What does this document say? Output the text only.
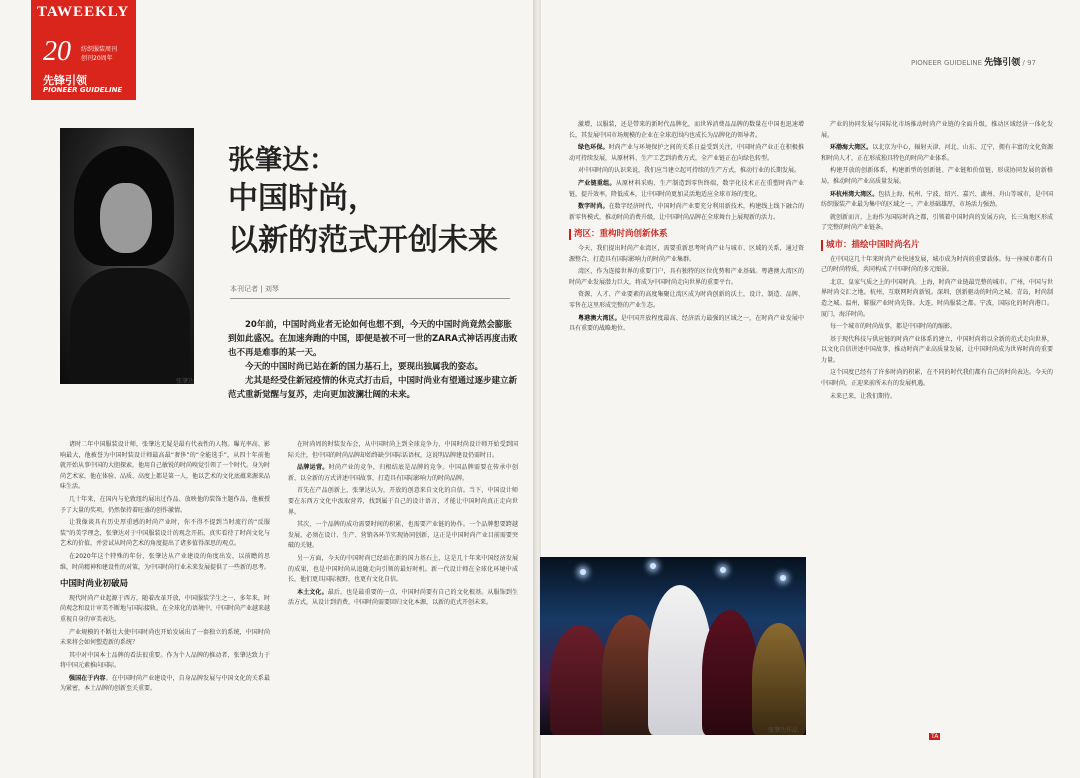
TAWEEKLY
20 纺织服装周刊
创刊20周年
先锋引领
PIONEER GUIDELINE
张肇达
张肇达：
中国时尚，
以新的范式开创未来
本刊记者 | 刘琴

20年前，中国时尚业者无论如何也想不到，今天的中国时尚竟然会膨胀到如此盛况。在加速奔跑的中国，即便是被不可一世的ZARA式神话再度击败也不再是难事的某一天。

今天的中国时尚已站在新的国力基石上，要现出独属我的姿态。

尤其是经受住新冠疫情的休克式打击后，中国时尚业有望通过逐步建立新范式重新觉醒与复苏，走向更加波澜壮阔的未来。

诸时二年中国服装设计师，张肇达无疑是最有代表性的人物。曝光率高、影响最大，他被誉为中国时装设计师最高最“奢侈”的“全能选手”，从四十年前他就开始从事中国的大胆探索，他用自己敏锐的时尚嗅觉引领了一个时代。身为时尚艺术家，他在体验、品质、高度上都是第一人，他以艺术的文化底蕴来源来品味生活。

几十年来，在国内与伦敦纽约展出过作品、放映他的装饰主题作品，他被授予了大量的奖项，仍然保持着旺盛的创作激情。

让我像谈具有历史厚重感的时尚产业时，你不得不提到当时流行的“反服装”的美学理念，张肇达对于中国服装设计的观念开拓，真实看待了时尚文化与艺术的价值，并尝试从时尚艺术的角度提出了诸多值得深思的观点。

在2020年这个特殊的年份，张肇达从产业建设的角度出发，以前瞻的思维，时尚精神和建设性的对策，为中国时尚行业未来发展提供了一些新的思考。

中国时尚业初破局

现代时尚产业起源于西方，随着改革开放，中国服装学生之一，多年来，时尚观念和设计审美不断地与国际接轨。在全球化的语境中，中国时尚产业越来越重视自身的审美表达。

产业规模的不断壮大使中国时尚也开始发展出了一套独立的系统，中国时尚未来将会如何塑造新的系统？

其中对中国本土品牌的看法很重要。作为个人品牌的推动者，张肇达致力于将中国元素推向国际。

强国在于内容。在中国时尚产业建设中，自身品牌发展与中国文化的关系最为紧密，本土品牌的创新至关重要。

在时尚周的时装发布会，从中国时尚上到全球竞争力，中国时尚设计师开始受到国际关注，但中国的时尚品牌却始终缺少国际话语权，这说明品牌建设仍需时日。

品牌运营。时尚产业的竞争，归根结底是品牌的竞争。中国品牌需要在传承中创新，以全新的方式讲述中国故事，打造具有国际影响力的时尚品牌。

首先在产品创新上，张肇达认为，开放的创意来自文化的自信。当下，中国设计师要在东西方文化中汲取营养，找到属于自己的设计语言，才能让中国时尚真正走向世界。

其次，一个品牌的成功需要时间的积累，也需要产业链的协作。一个品牌想要跨越发展，必须在设计、生产、营销各环节实现协同创新，这正是中国时尚产业目前需要突破的关键。

另一方面，今天的中国时尚已经站在新的国力基石上，这是几十年来中国经济发展的成果，也是中国时尚从追随走向引领的最好时机。新一代设计师在全球化环境中成长，他们更具国际视野，也更有文化自信。

本土文化。最后，也是最重要的一点，中国时尚要有自己的文化根基。从服饰到生活方式，从设计到消费，中国时尚需要回归文化本源，以新的范式开创未来。

PIONEER GUIDELINE 先锋引领 / 97

激增，以服装，还是带来的新时代品牌化，而世界消费品品牌的数量在中国也迅速增长，其发展中国市场规模的企业在全球范围内也成长为品牌化的领导者。

绿色环保。时尚产业与环境保护之间的关系日益受到关注，中国时尚产业正在积极推动可持续发展，从原材料、生产工艺到消费方式，全产业链正在向绿色转型。

对中国时尚的认识来说，我们应当建立起可持续的生产方式，推动行业的长期发展。

产业链重组。从原材料采购、生产制造到零售终端，数字化技术正在重塑时尚产业链，提升效率，降低成本，让中国时尚更加灵活地适应全球市场的变化。

数字时尚。在数字经济时代，中国时尚产业要充分利用新技术，构建线上线下融合的新零售模式，推动时尚消费升级，让中国时尚品牌在全球舞台上展现新的活力。

湾区：重构时尚创新体系

今天，我们提出时尚产业湾区，需要重新思考时尚产业与城市、区域的关系，通过资源整合，打造具有国际影响力的时尚产业集群。

湾区，作为连接世界的重要门户，具有独特的区位优势和产业基础。粤港澳大湾区的时尚产业发展潜力巨大，将成为中国时尚走向世界的重要平台。

资源、人才、产业要素的高度集聚让湾区成为时尚创新的沃土，设计、制造、品牌、零售在这里形成完整的产业生态。

粤港澳大湾区。是中国开放程度最高、经济活力最强的区域之一，在时尚产业发展中具有重要的战略地位。

产业的协同发展与国际化市场推动时尚产业链的全面升级，推动区域经济一体化发展。

环渤海大湾区。以北京为中心，辐射天津、河北、山东、辽宁，拥有丰富的文化资源和时尚人才，正在形成独具特色的时尚产业体系。

构建开放的创新体系，构建新型的创新链、产业链和价值链，形成协同发展的新格局，推动时尚产业高质量发展。

环杭州湾大湾区。包括上海、杭州、宁波、绍兴、嘉兴、湖州、舟山等城市，是中国纺织服装产业最为集中的区域之一，产业基础雄厚，市场活力强劲。

就创新而言，上海作为国际时尚之都，引领着中国时尚的发展方向，长三角地区形成了完整的时尚产业链条。

城市：描绘中国时尚名片

在中国这几十年来时尚产业快速发展，城市成为时尚的重要载体。每一座城市都有自己的时尚特质，共同构成了中国时尚的多元图景。

北京，皇家气质之上的中国时尚。上海，时尚产业链最完整的城市。广州，中国与世界时尚交汇之地。杭州，互联网时尚新锐。深圳，创新驱动的时尚之城。青岛，时尚制造之城。温州，鞋服产业时尚先锋。大连，时尚服装之都。宁波，国际化的时尚港口。厦门，海洋时尚。

每一个城市的时尚故事，都是中国时尚的缩影。

基于现代科技与供应链的时尚产业体系的建立，中国时尚将以全新的范式走向世界，以文化自信讲述中国故事，推动时尚产业高质量发展，让中国时尚成为世界时尚的重要力量。

这个国度已经有了许多时尚的积累，在不同的时代我们都有自己的时尚表达。今天的中国时尚，正迎来前所未有的发展机遇。

未来已来，让我们期待。

张肇达作品
TA
